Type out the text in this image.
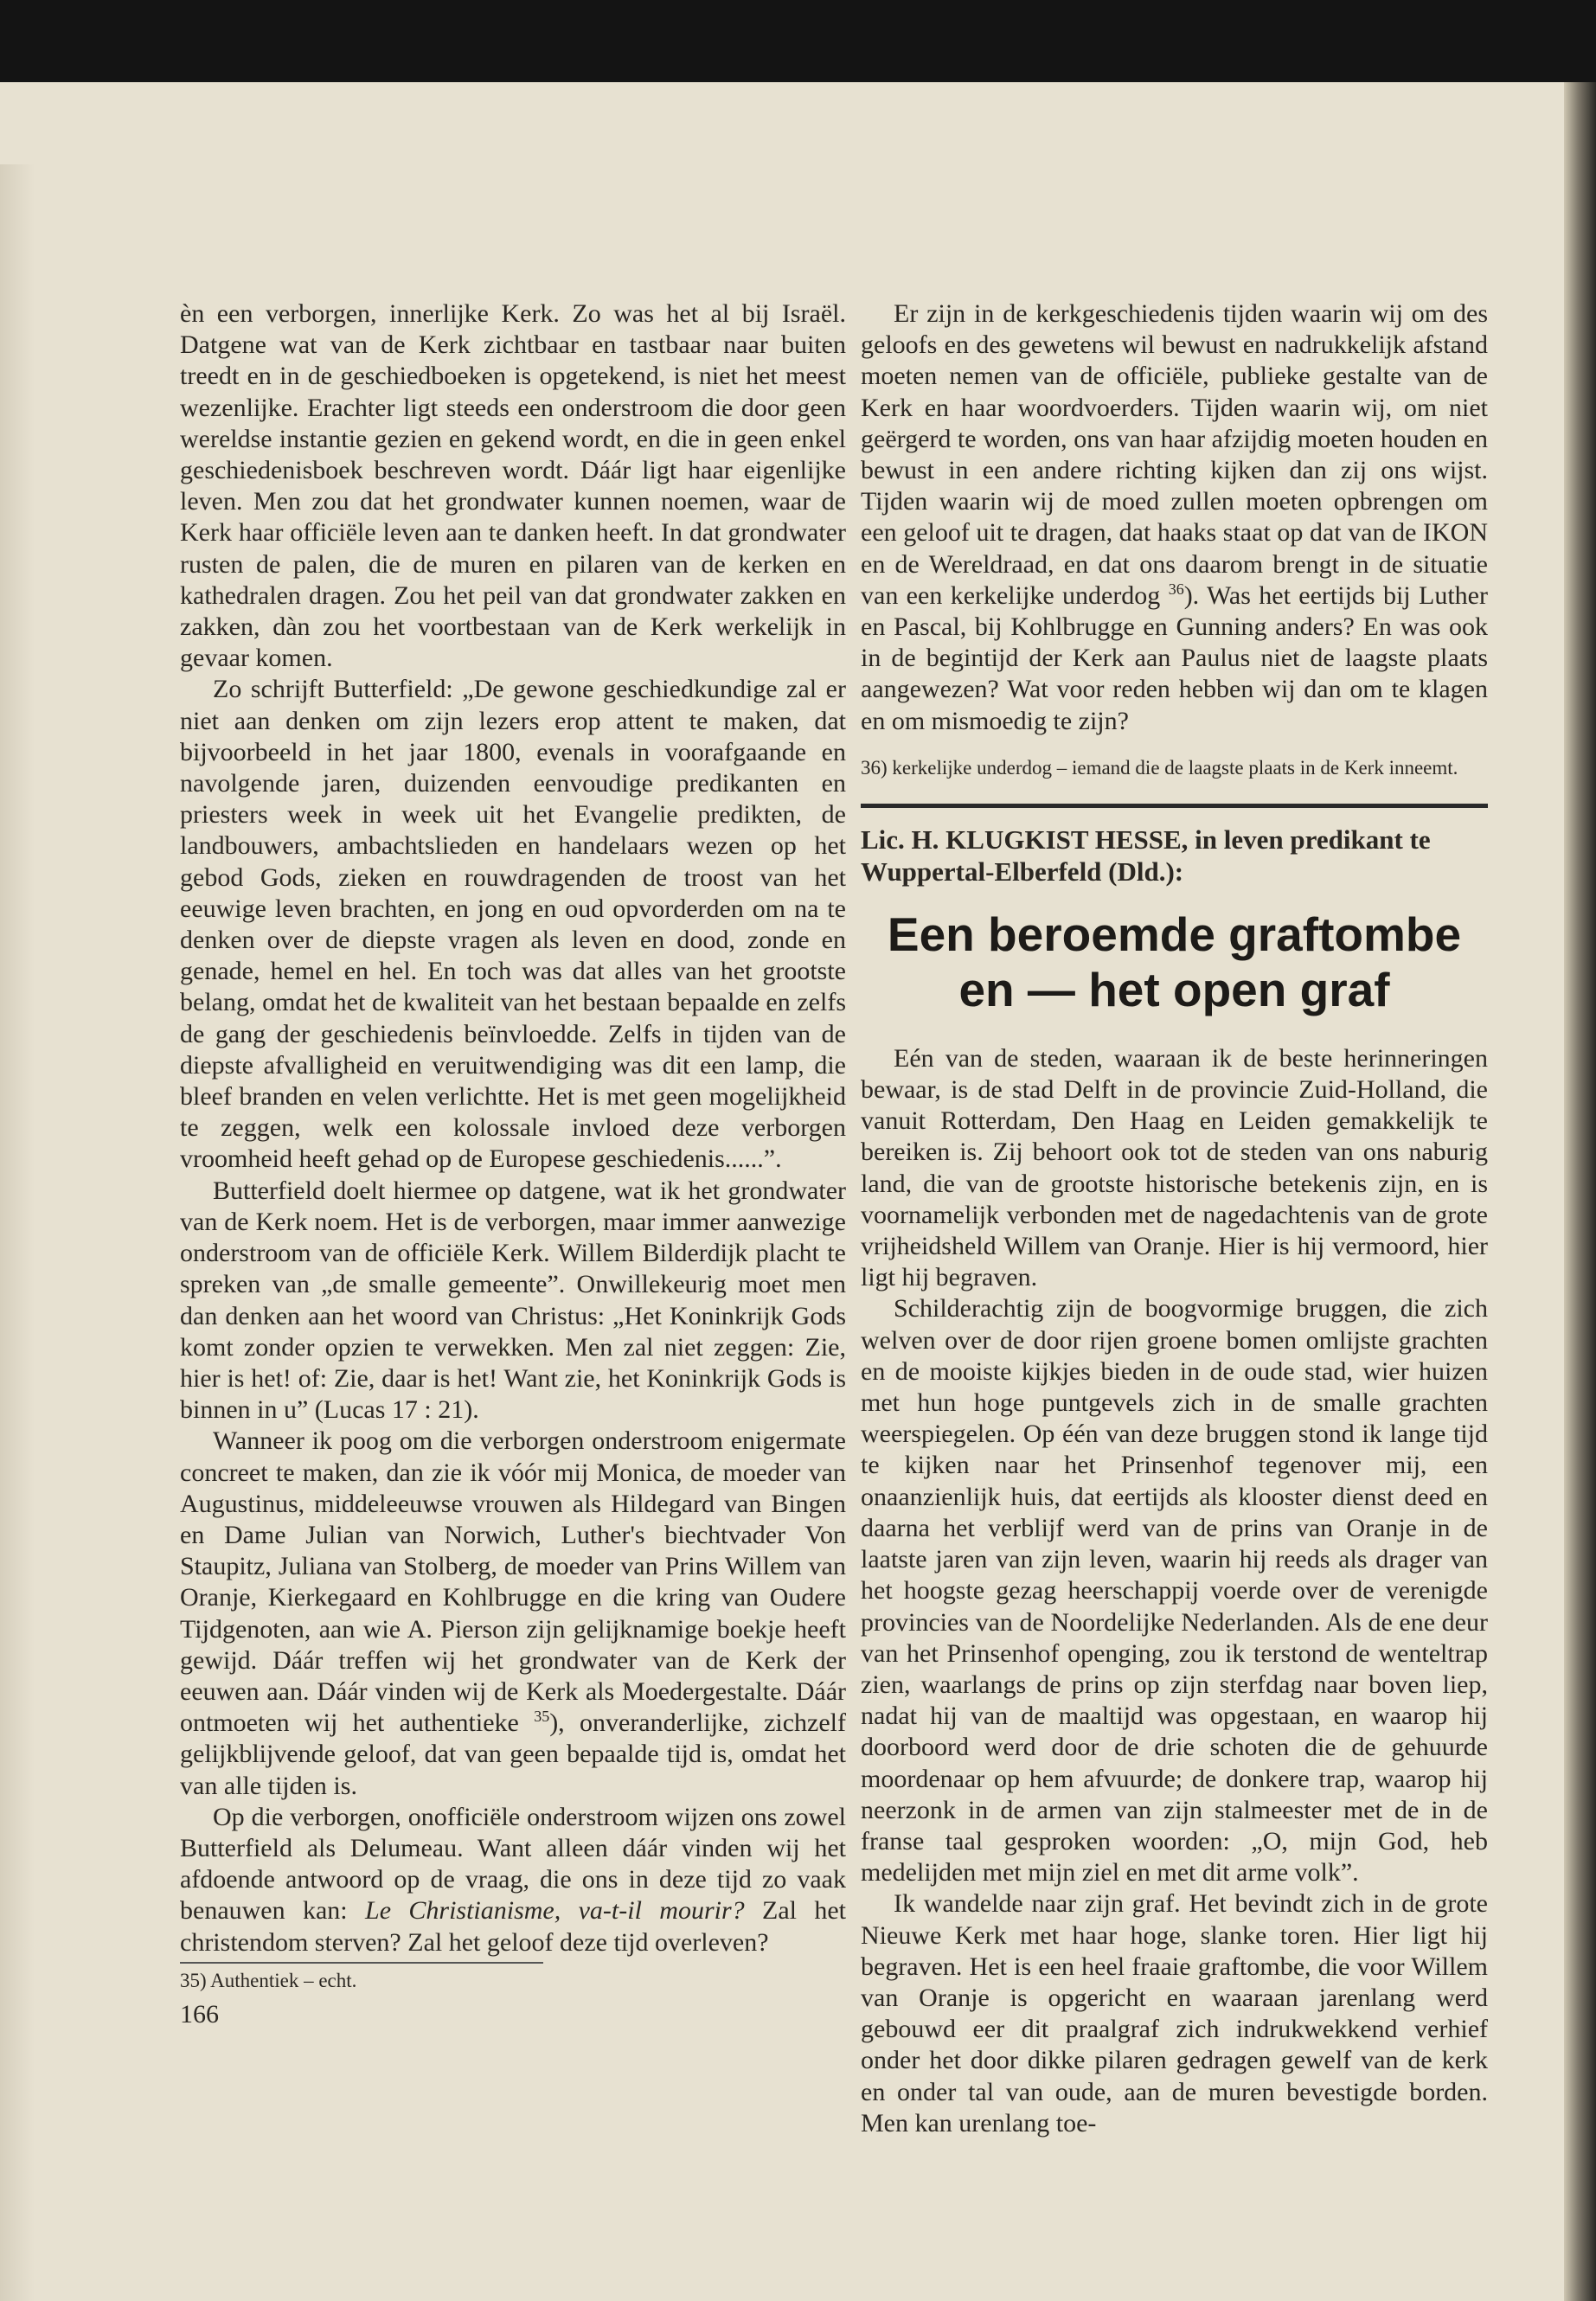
èn een verborgen, innerlijke Kerk. Zo was het al bij Israël. Datgene wat van de Kerk zichtbaar en tastbaar naar buiten treedt en in de geschiedboeken is opgetekend, is niet het meest wezenlijke. Erachter ligt steeds een onderstroom die door geen wereldse instantie gezien en gekend wordt, en die in geen enkel geschiedenisboek beschreven wordt. Dáár ligt haar eigenlijke leven. Men zou dat het grondwater kunnen noemen, waar de Kerk haar officiële leven aan te danken heeft. In dat grondwater rusten de palen, die de muren en pilaren van de kerken en kathedralen dragen. Zou het peil van dat grondwater zakken en zakken, dàn zou het voortbestaan van de Kerk werkelijk in gevaar komen.

Zo schrijft Butterfield: „De gewone geschiedkundige zal er niet aan denken om zijn lezers erop attent te maken, dat bijvoorbeeld in het jaar 1800, evenals in voorafgaande en navolgende jaren, duizenden eenvoudige predikanten en priesters week in week uit het Evangelie predikten, de landbouwers, ambachtslieden en handelaars wezen op het gebod Gods, zieken en rouwdragenden de troost van het eeuwige leven brachten, en jong en oud opvorderden om na te denken over de diepste vragen als leven en dood, zonde en genade, hemel en hel. En toch was dat alles van het grootste belang, omdat het de kwaliteit van het bestaan bepaalde en zelfs de gang der geschiedenis beïnvloedde. Zelfs in tijden van de diepste afvalligheid en veruitwendiging was dit een lamp, die bleef branden en velen verlichtte. Het is met geen mogelijkheid te zeggen, welk een kolossale invloed deze verborgen vroomheid heeft gehad op de Europese geschiedenis......”.

Butterfield doelt hiermee op datgene, wat ik het grondwater van de Kerk noem. Het is de verborgen, maar immer aanwezige onderstroom van de officiële Kerk. Willem Bilderdijk placht te spreken van „de smalle gemeente”. Onwillekeurig moet men dan denken aan het woord van Christus: „Het Koninkrijk Gods komt zonder opzien te verwekken. Men zal niet zeggen: Zie, hier is het! of: Zie, daar is het! Want zie, het Koninkrijk Gods is binnen in u” (Lucas 17 : 21).

Wanneer ik poog om die verborgen onderstroom enigermate concreet te maken, dan zie ik vóór mij Monica, de moeder van Augustinus, middeleeuwse vrouwen als Hildegard van Bingen en Dame Julian van Norwich, Luther's biechtvader Von Staupitz, Juliana van Stolberg, de moeder van Prins Willem van Oranje, Kierkegaard en Kohlbrugge en die kring van Oudere Tijdgenoten, aan wie A. Pierson zijn gelijknamige boekje heeft gewijd. Dáár treffen wij het grondwater van de Kerk der eeuwen aan. Dáár vinden wij de Kerk als Moedergestalte. Dáár ontmoeten wij het authentieke $^{35}$), onveranderlijke, zichzelf gelijkblijvende geloof, dat van geen bepaalde tijd is, omdat het van alle tijden is.

Op die verborgen, onofficiële onderstroom wijzen ons zowel Butterfield als Delumeau. Want alleen dáár vinden wij het afdoende antwoord op de vraag, die ons in deze tijd zo vaak benauwen kan: Le Christianisme, va-t-il mourir? Zal het christendom sterven? Zal het geloof deze tijd overleven?

35) Authentiek – echt.

166

Er zijn in de kerkgeschiedenis tijden waarin wij om des geloofs en des gewetens wil bewust en nadrukkelijk afstand moeten nemen van de officiële, publieke gestalte van de Kerk en haar woordvoerders. Tijden waarin wij, om niet geërgerd te worden, ons van haar afzijdig moeten houden en bewust in een andere richting kijken dan zij ons wijst. Tijden waarin wij de moed zullen moeten opbrengen om een geloof uit te dragen, dat haaks staat op dat van de IKON en de Wereldraad, en dat ons daarom brengt in de situatie van een kerkelijke underdog $^{36}$). Was het eertijds bij Luther en Pascal, bij Kohlbrugge en Gunning anders? En was ook in de begintijd der Kerk aan Paulus niet de laagste plaats aangewezen? Wat voor reden hebben wij dan om te klagen en om mismoedig te zijn?

36) kerkelijke underdog – iemand die de laagste plaats in de Kerk inneemt.

Lic. H. KLUGKIST HESSE, in leven predikant te Wuppertal-Elberfeld (Dld.):
Een beroemde graftombe
en — het open graf

Eén van de steden, waaraan ik de beste herinneringen bewaar, is de stad Delft in de provincie Zuid-Holland, die vanuit Rotterdam, Den Haag en Leiden gemakkelijk te bereiken is. Zij behoort ook tot de steden van ons naburig land, die van de grootste historische betekenis zijn, en is voornamelijk verbonden met de nagedachtenis van de grote vrijheidsheld Willem van Oranje. Hier is hij vermoord, hier ligt hij begraven.

Schilderachtig zijn de boogvormige bruggen, die zich welven over de door rijen groene bomen omlijste grachten en de mooiste kijkjes bieden in de oude stad, wier huizen met hun hoge puntgevels zich in de smalle grachten weerspiegelen. Op één van deze bruggen stond ik lange tijd te kijken naar het Prinsenhof tegenover mij, een onaanzienlijk huis, dat eertijds als klooster dienst deed en daarna het verblijf werd van de prins van Oranje in de laatste jaren van zijn leven, waarin hij reeds als drager van het hoogste gezag heerschappij voerde over de verenigde provincies van de Noordelijke Nederlanden. Als de ene deur van het Prinsenhof openging, zou ik terstond de wenteltrap zien, waarlangs de prins op zijn sterfdag naar boven liep, nadat hij van de maaltijd was opgestaan, en waarop hij doorboord werd door de drie schoten die de gehuurde moordenaar op hem afvuurde; de donkere trap, waarop hij neerzonk in de armen van zijn stalmeester met de in de franse taal gesproken woorden: „O, mijn God, heb medelijden met mijn ziel en met dit arme volk”.

Ik wandelde naar zijn graf. Het bevindt zich in de grote Nieuwe Kerk met haar hoge, slanke toren. Hier ligt hij begraven. Het is een heel fraaie graftombe, die voor Willem van Oranje is opgericht en waaraan jarenlang werd gebouwd eer dit praalgraf zich indrukwekkend verhief onder het door dikke pilaren gedragen gewelf van de kerk en onder tal van oude, aan de muren bevestigde borden. Men kan urenlang toe-
